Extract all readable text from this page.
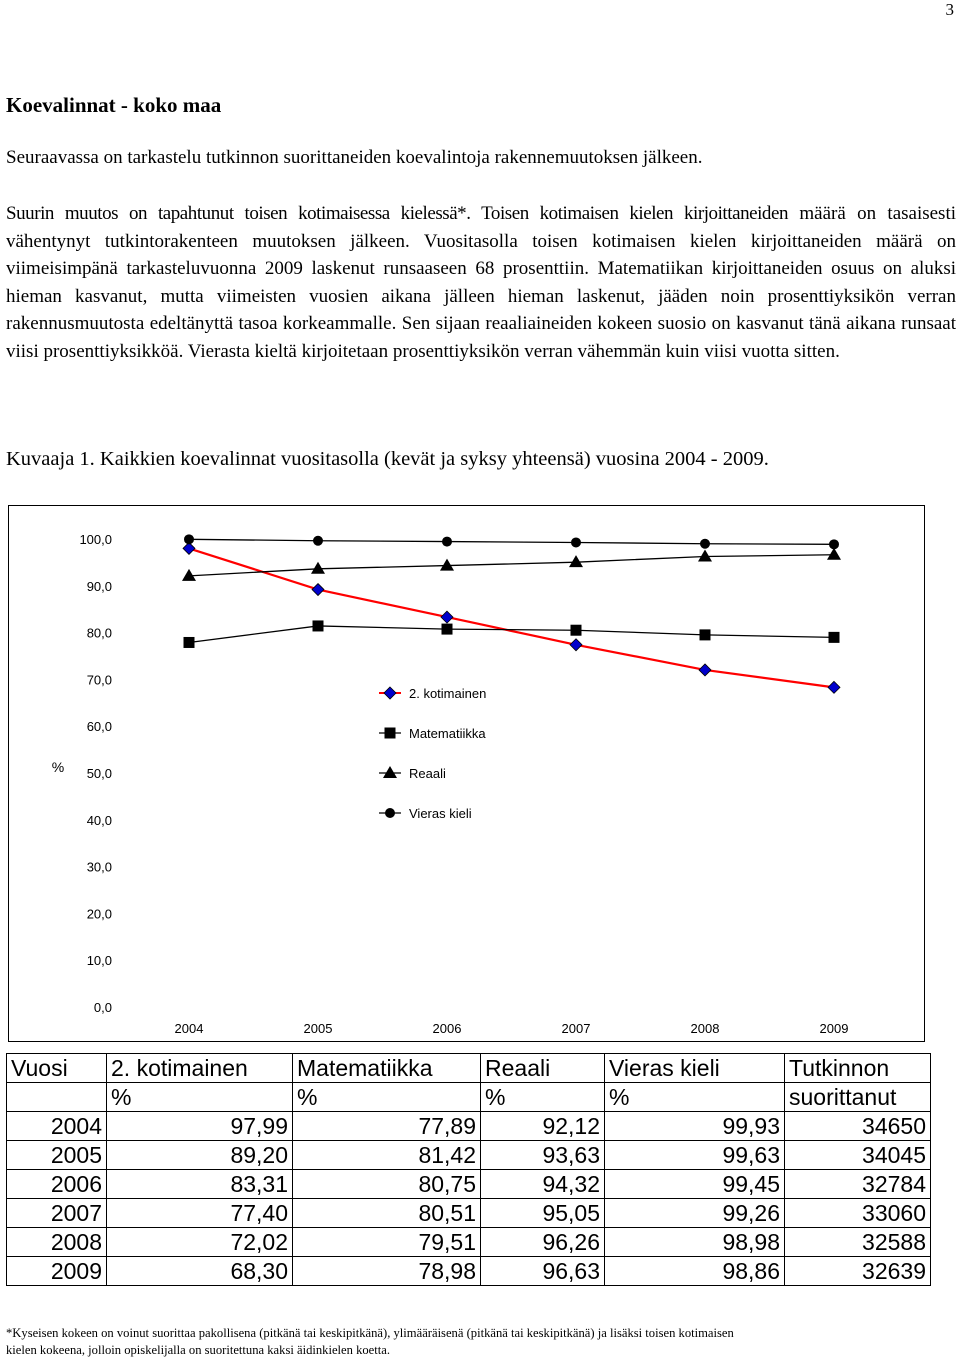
3
Koevalinnat - koko maa

Seuraavassa on tarkastelu tutkinnon suorittaneiden koevalintoja rakennemuutoksen jälkeen.

Suurin muutos on tapahtunut toisen kotimaisessa kielessä*. Toisen kotimaisen kielen kirjoittaneiden määrä on tasaisesti vähentynyt tutkintorakenteen muutoksen jälkeen. Vuositasolla toisen kotimaisen kielen kirjoittaneiden määrä on viimeisimpänä tarkasteluvuonna 2009 laskenut runsaaseen 68 prosenttiin. Matematiikan kirjoittaneiden osuus on aluksi hieman kasvanut, mutta viimeisten vuosien aikana jälleen hieman laskenut, jääden noin prosenttiyksikön verran rakennusmuutosta edeltänyttä tasoa korkeammalle. Sen sijaan reaaliaineiden kokeen suosio on kasvanut tänä aikana runsaat viisi prosenttiyksikköä. Vierasta kieltä kirjoitetaan prosenttiyksikön verran vähemmän kuin viisi vuotta sitten.

Kuvaaja 1. Kaikkien koevalinnat vuositasolla (kevät ja syksy yhteensä) vuosina 2004 - 2009.

0,0
10,0
20,0
30,0
40,0
50,0
60,0
70,0
80,0
90,0
100,0
%
2004	2005	2006	2007	2008	2009
2. kotimainen
Matematiikka
Reaali
Vieras kieli
Vuosi	2. kotimainen	Matematiikka	Reaali	Vieras kieli	Tutkinnon
	%	%	%	%	suorittanut
2004	97,99	77,89	92,12	99,93	34650
2005	89,20	81,42	93,63	99,63	34045
2006	83,31	80,75	94,32	99,45	32784
2007	77,40	80,51	95,05	99,26	33060
2008	72,02	79,51	96,26	98,98	32588
2009	68,30	78,98	96,63	98,86	32639

*Kyseisen kokeen on voinut suorittaa pakollisena (pitkänä tai keskipitkänä), ylimääräisenä (pitkänä tai keskipitkänä) ja lisäksi toisen kotimaisen
kielen kokeena, jolloin opiskelijalla on suoritettuna kaksi äidinkielen koetta.
